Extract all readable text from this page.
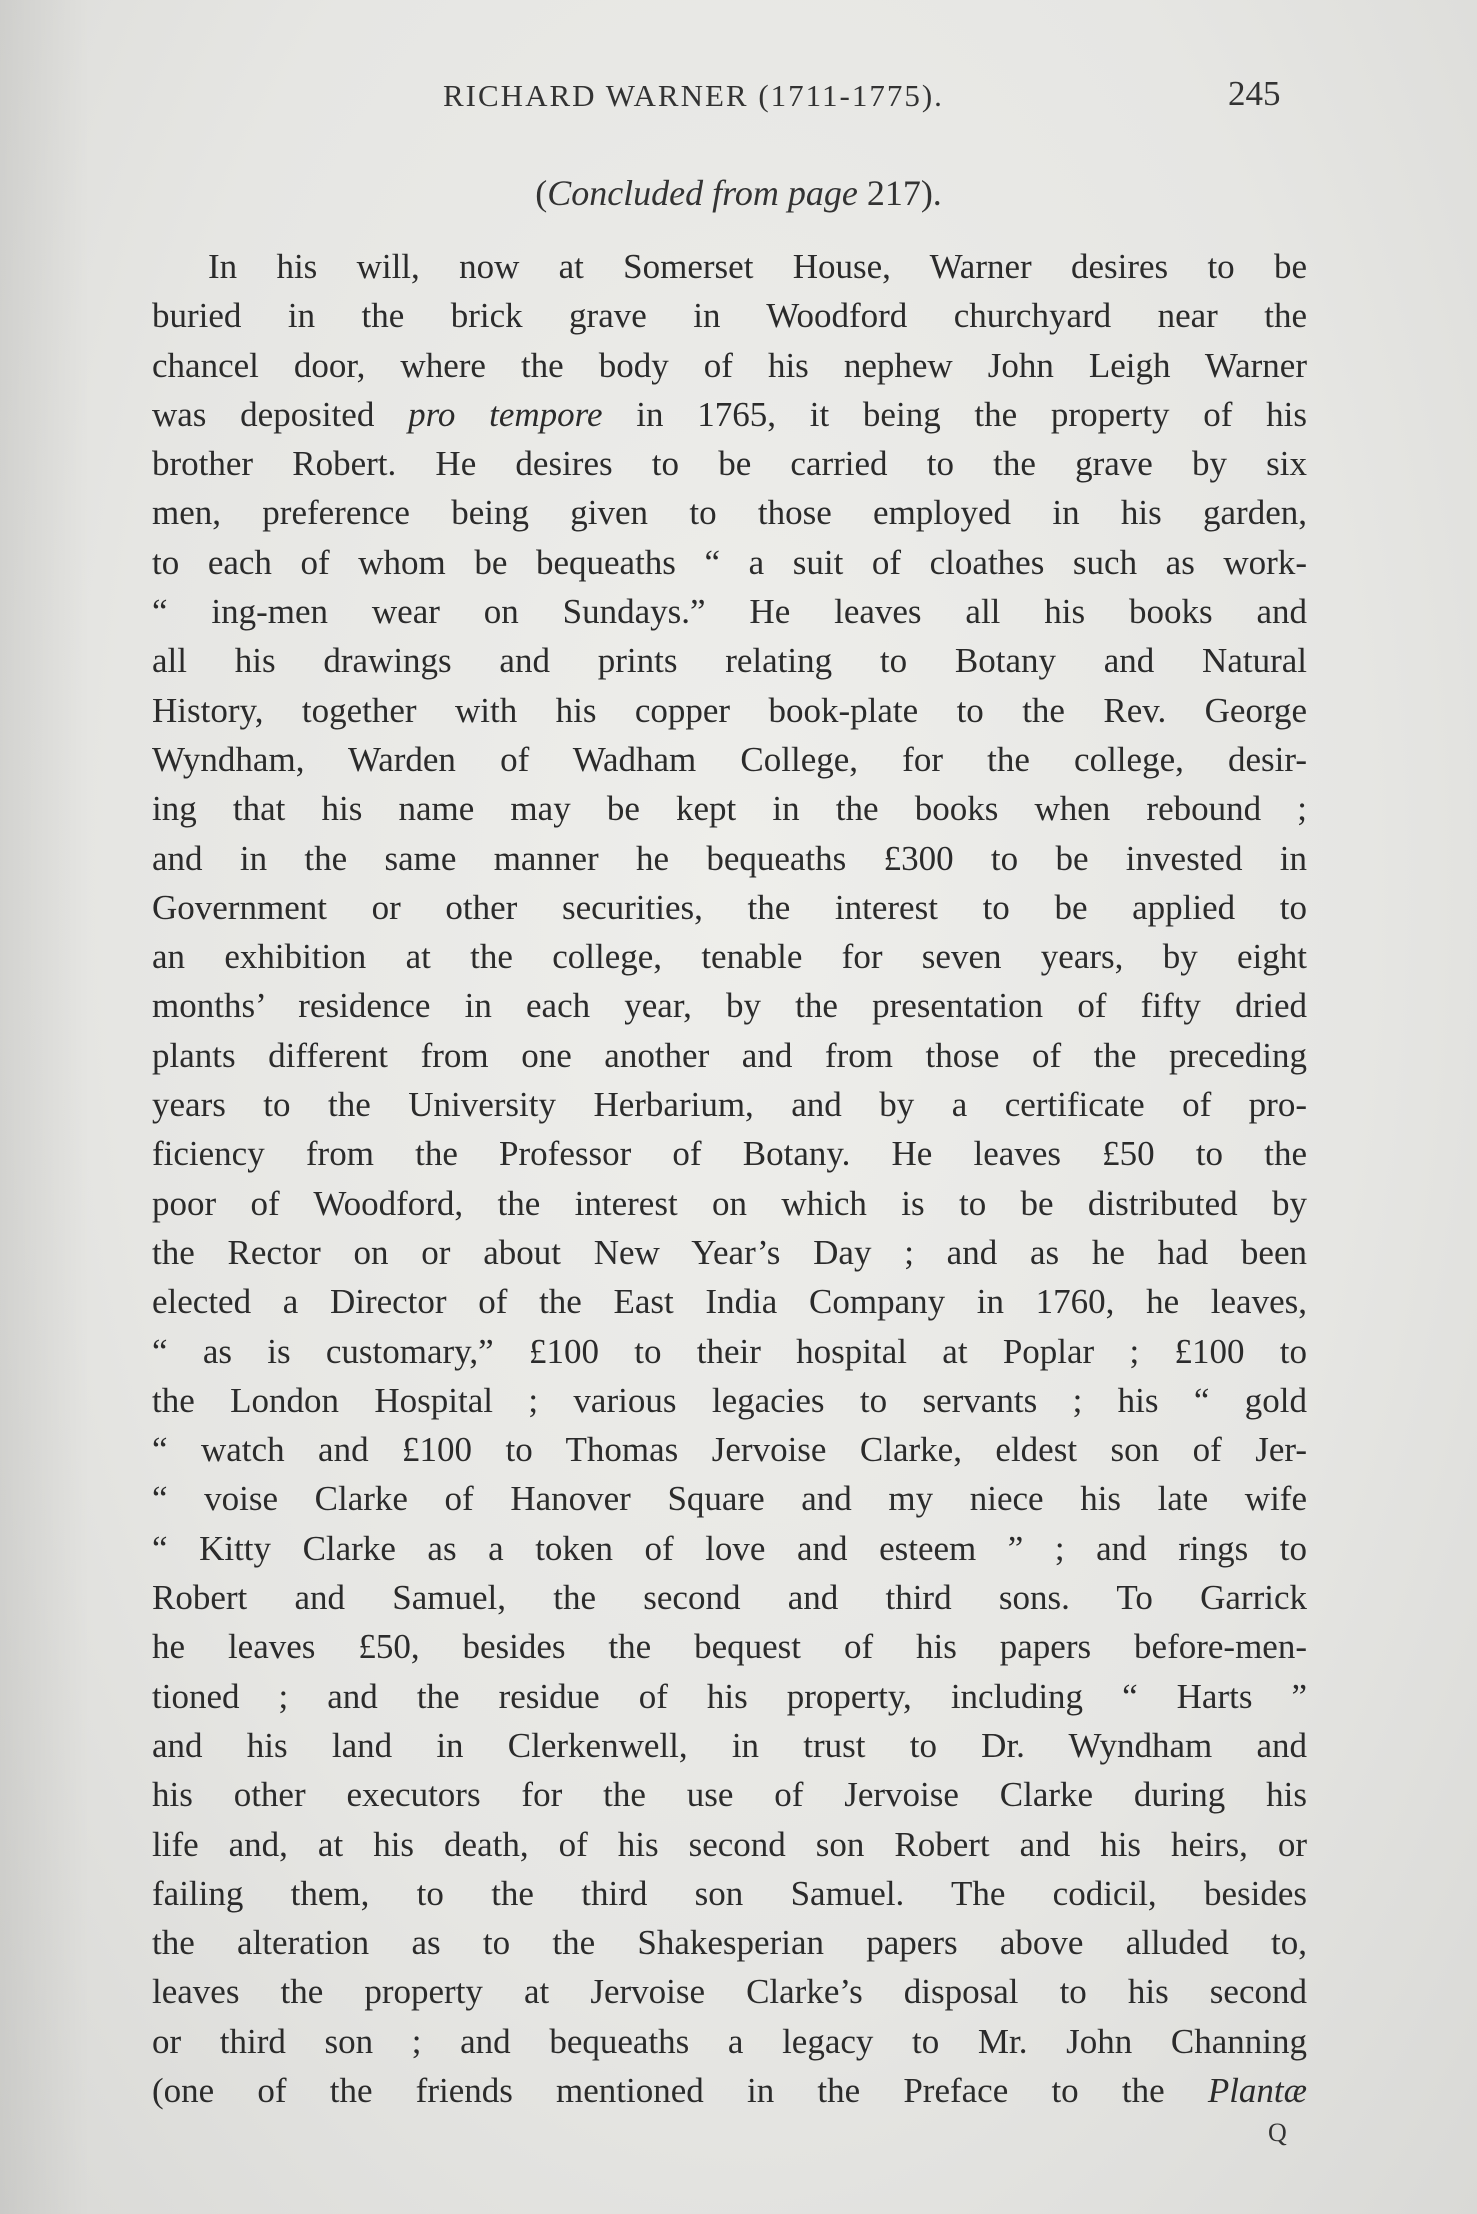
RICHARD WARNER (1711-1775).	245
(Concluded from page 217).
In his will, now at Somerset House, Warner desires to be
buried in the brick grave in Woodford churchyard near the
chancel door, where the body of his nephew John Leigh Warner
was deposited pro tempore in 1765, it being the property of his
brother Robert. He desires to be carried to the grave by six
men, preference being given to those employed in his garden,
to each of whom be bequeaths “ a suit of cloathes such as work-
“ ing-men wear on Sundays.” He leaves all his books and
all his drawings and prints relating to Botany and Natural
History, together with his copper book-plate to the Rev. George
Wyndham, Warden of Wadham College, for the college, desir-
ing that his name may be kept in the books when rebound ;
and in the same manner he bequeaths £300 to be invested in
Government or other securities, the interest to be applied to
an exhibition at the college, tenable for seven years, by eight
months’ residence in each year, by the presentation of fifty dried
plants different from one another and from those of the preceding
years to the University Herbarium, and by a certificate of pro-
ficiency from the Professor of Botany. He leaves £50 to the
poor of Woodford, the interest on which is to be distributed by
the Rector on or about New Year’s Day ; and as he had been
elected a Director of the East India Company in 1760, he leaves,
“ as is customary,” £100 to their hospital at Poplar ; £100 to
the London Hospital ; various legacies to servants ; his “ gold
“ watch and £100 to Thomas Jervoise Clarke, eldest son of Jer-
“ voise Clarke of Hanover Square and my niece his late wife
“ Kitty Clarke as a token of love and esteem ” ; and rings to
Robert and Samuel, the second and third sons. To Garrick
he leaves £50, besides the bequest of his papers before-men-
tioned ; and the residue of his property, including “ Harts ”
and his land in Clerkenwell, in trust to Dr. Wyndham and
his other executors for the use of Jervoise Clarke during his
life and, at his death, of his second son Robert and his heirs, or
failing them, to the third son Samuel. The codicil, besides
the alteration as to the Shakesperian papers above alluded to,
leaves the property at Jervoise Clarke’s disposal to his second
or third son ; and bequeaths a legacy to Mr. John Channing
(one of the friends mentioned in the Preface to the Plantæ
Q
